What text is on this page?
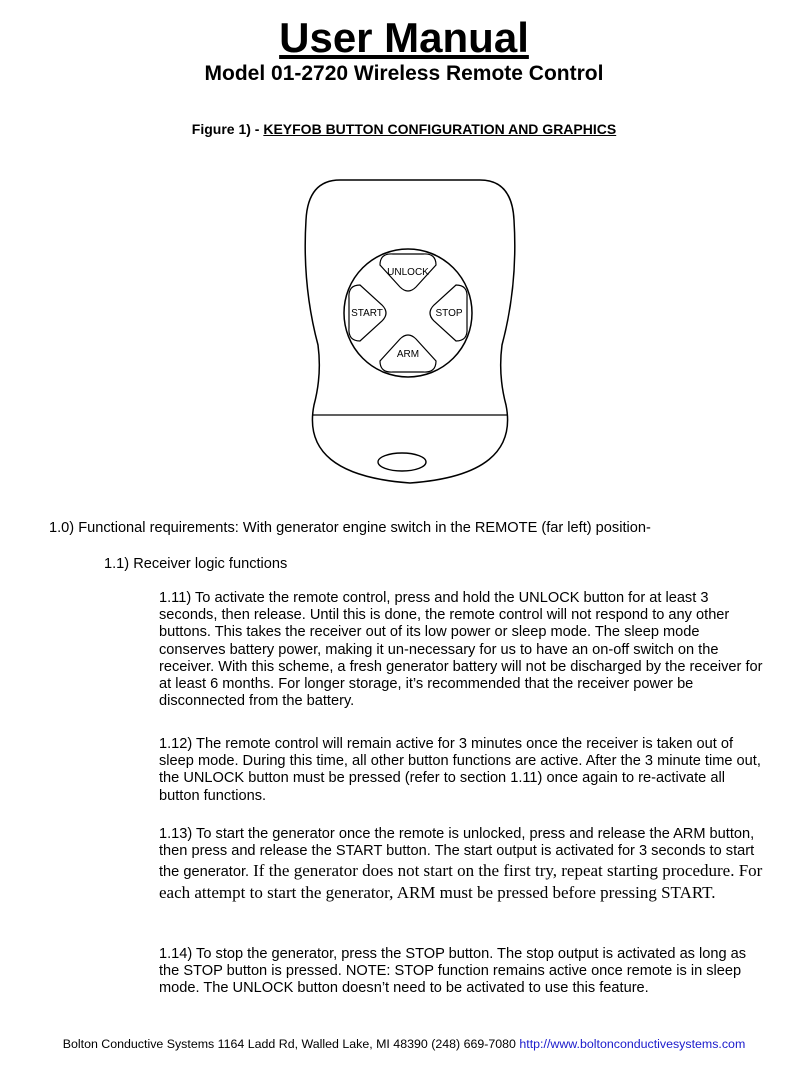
User Manual
Model 01-2720 Wireless Remote Control
Figure 1) - KEYFOB BUTTON CONFIGURATION AND GRAPHICS
UNLOCK
START	STOP
ARM
1.0) Functional requirements: With generator engine switch in the REMOTE (far left) position-
1.1) Receiver logic functions
1.11) To activate the remote control, press and hold the UNLOCK button for at least 3 seconds, then release. Until this is done, the remote control will not respond to any other buttons. This takes the receiver out of its low power or sleep mode. The sleep mode conserves battery power, making it un-necessary for us to have an on-off switch on the receiver. With this scheme, a fresh generator battery will not be discharged by the receiver for at least 6 months. For longer storage, it’s recommended that the receiver power be disconnected from the battery.
1.12) The remote control will remain active for 3 minutes once the receiver is taken out of sleep mode. During this time, all other button functions are active. After the 3 minute time out, the UNLOCK button must be pressed (refer to section 1.11) once again to re-activate all button functions.
1.13) To start the generator once the remote is unlocked, press and release the ARM button, then press and release the START button. The start output is activated for 3 seconds to start the generator. If the generator does not start on the first try, repeat starting procedure. For each attempt to start the generator, ARM must be pressed before pressing START.
1.14) To stop the generator, press the STOP button. The stop output is activated as long as the STOP button is pressed. NOTE: STOP function remains active once remote is in sleep mode. The UNLOCK button doesn’t need to be activated to use this feature.
Bolton Conductive Systems 1164 Ladd Rd, Walled Lake, MI 48390 (248) 669-7080 http://www.boltonconductivesystems.com
